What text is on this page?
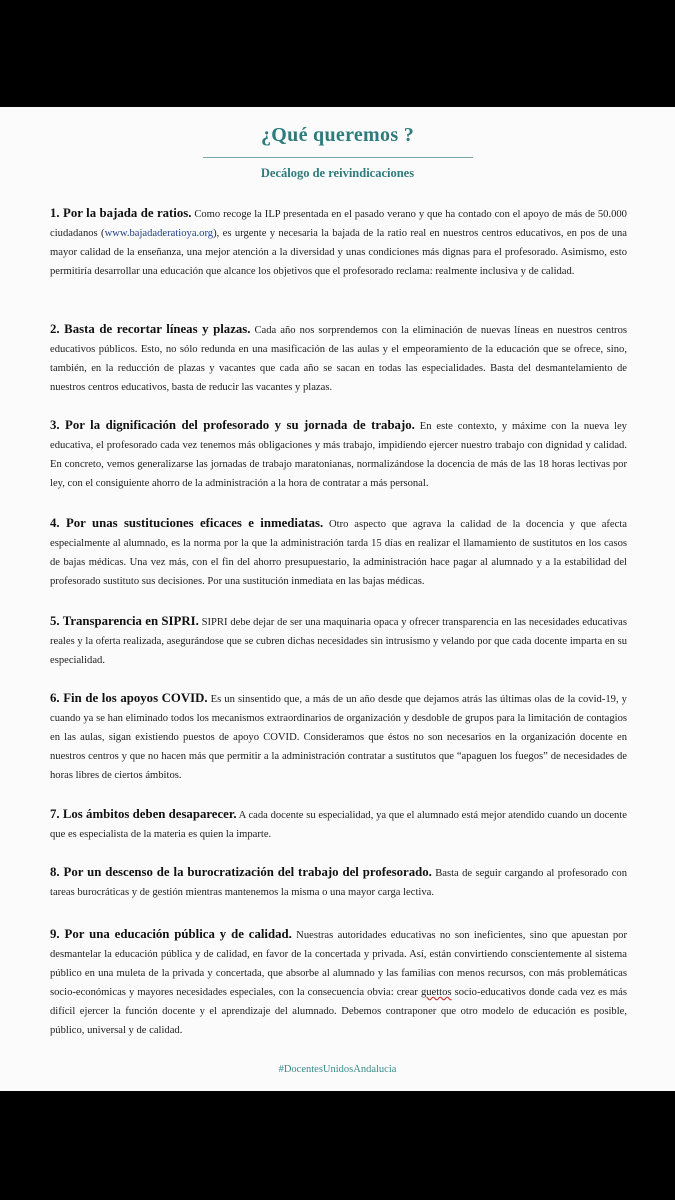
¿Qué queremos ?
Decálogo de reivindicaciones
1. Por la bajada de ratios. Como recoge la ILP presentada en el pasado verano y que ha contado con el apoyo de más de 50.000 ciudadanos (www.bajadaderatioya.org), es urgente y necesaria la bajada de la ratio real en nuestros centros educativos, en pos de una mayor calidad de la enseñanza, una mejor atención a la diversidad y unas condiciones más dignas para el profesorado. Asimismo, esto permitiría desarrollar una educación que alcance los objetivos que el profesorado reclama: realmente inclusiva y de calidad.
2. Basta de recortar líneas y plazas. Cada año nos sorprendemos con la eliminación de nuevas líneas en nuestros centros educativos públicos. Esto, no sólo redunda en una masificación de las aulas y el empeoramiento de la educación que se ofrece, sino, también, en la reducción de plazas y vacantes que cada año se sacan en todas las especialidades. Basta del desmantelamiento de nuestros centros educativos, basta de reducir las vacantes y plazas.
3. Por la dignificación del profesorado y su jornada de trabajo. En este contexto, y máxime con la nueva ley educativa, el profesorado cada vez tenemos más obligaciones y más trabajo, impidiendo ejercer nuestro trabajo con dignidad y calidad. En concreto, vemos generalizarse las jornadas de trabajo maratonianas, normalizándose la docencia de más de las 18 horas lectivas por ley, con el consiguiente ahorro de la administración a la hora de contratar a más personal.
4. Por unas sustituciones eficaces e inmediatas. Otro aspecto que agrava la calidad de la docencia y que afecta especialmente al alumnado, es la norma por la que la administración tarda 15 días en realizar el llamamiento de sustitutos en los casos de bajas médicas. Una vez más, con el fin del ahorro presupuestario, la administración hace pagar al alumnado y a la estabilidad del profesorado sustituto sus decisiones. Por una sustitución inmediata en las bajas médicas.
5. Transparencia en SIPRI. SIPRI debe dejar de ser una maquinaria opaca y ofrecer transparencia en las necesidades educativas reales y la oferta realizada, asegurándose que se cubren dichas necesidades sin intrusismo y velando por que cada docente imparta en su especialidad.
6. Fin de los apoyos COVID. Es un sinsentido que, a más de un año desde que dejamos atrás las últimas olas de la covid-19, y cuando ya se han eliminado todos los mecanismos extraordinarios de organización y desdoble de grupos para la limitación de contagios en las aulas, sigan existiendo puestos de apoyo COVID. Consideramos que éstos no son necesarios en la organización docente en nuestros centros y que no hacen más que permitir a la administración contratar a sustitutos que “apaguen los fuegos” de necesidades de horas libres de ciertos ámbitos.
7. Los ámbitos deben desaparecer. A cada docente su especialidad, ya que el alumnado está mejor atendido cuando un docente que es especialista de la materia es quien la imparte.
8. Por un descenso de la burocratización del trabajo del profesorado. Basta de seguir cargando al profesorado con tareas burocráticas y de gestión mientras mantenemos la misma o una mayor carga lectiva.
9. Por una educación pública y de calidad. Nuestras autoridades educativas no son ineficientes, sino que apuestan por desmantelar la educación pública y de calidad, en favor de la concertada y privada. Así, están convirtiendo conscientemente al sistema público en una muleta de la privada y concertada, que absorbe al alumnado y las familias con menos recursos, con más problemáticas socio-económicas y mayores necesidades especiales, con la consecuencia obvia: crear guettos socio-educativos donde cada vez es más difícil ejercer la función docente y el aprendizaje del alumnado. Debemos contraponer que otro modelo de educación es posible, público, universal y de calidad.
#DocentesUnidosAndalucia
